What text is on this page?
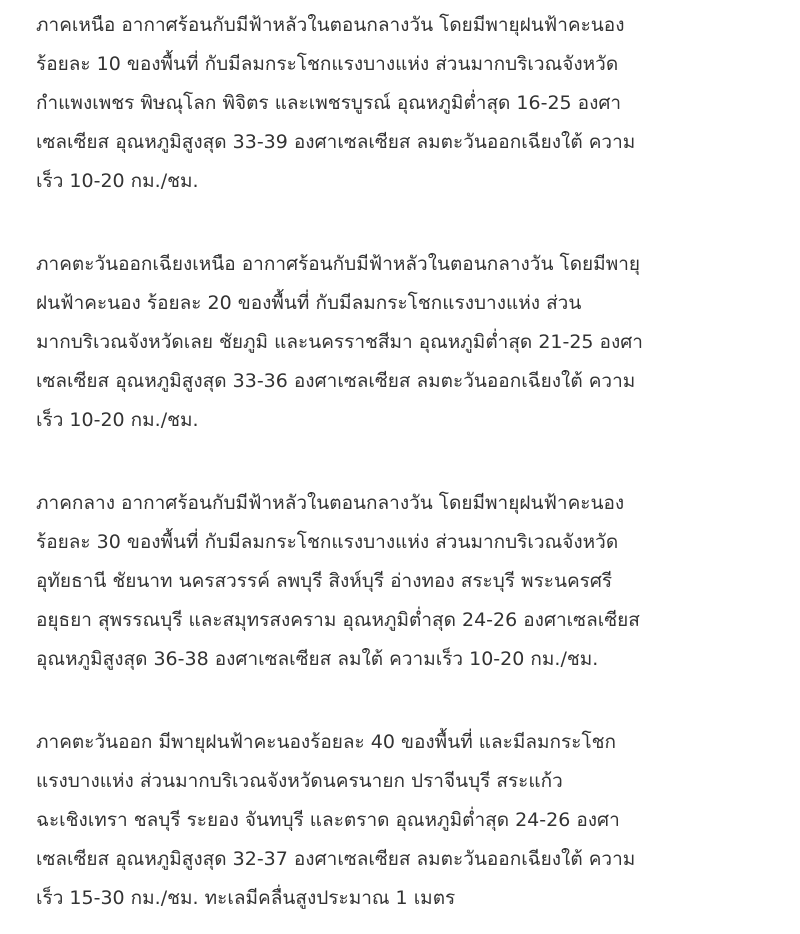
ภาคเหนือ อากาศร้อนกับมีฟ้าหลัวในตอนกลางวัน โดยมีพายุฝนฟ้าคะนอง
ร้อยละ 10 ของพื้นที่ กับมีลมกระโชกแรงบางแห่ง ส่วนมากบริเวณจังหวัด
กำแพงเพชร พิษณุโลก พิจิตร และเพชรบูรณ์ อุณหภูมิต่ำสุด 16-25 องศา
เซลเซียส อุณหภูมิสูงสุด 33-39 องศาเซลเซียส ลมตะวันออกเฉียงใต้ ความ
เร็ว 10-20 กม./ชม.

ภาคตะวันออกเฉียงเหนือ อากาศร้อนกับมีฟ้าหลัวในตอนกลางวัน โดยมีพายุ
ฝนฟ้าคะนอง ร้อยละ 20 ของพื้นที่ กับมีลมกระโชกแรงบางแห่ง ส่วน
มากบริเวณจังหวัดเลย ชัยภูมิ และนครราชสีมา อุณหภูมิต่ำสุด 21-25 องศา
เซลเซียส อุณหภูมิสูงสุด 33-36 องศาเซลเซียส ลมตะวันออกเฉียงใต้ ความ
เร็ว 10-20 กม./ชม.

ภาคกลาง อากาศร้อนกับมีฟ้าหลัวในตอนกลางวัน โดยมีพายุฝนฟ้าคะนอง
ร้อยละ 30 ของพื้นที่ กับมีลมกระโชกแรงบางแห่ง ส่วนมากบริเวณจังหวัด
อุทัยธานี ชัยนาท นครสวรรค์ ลพบุรี สิงห์บุรี อ่างทอง สระบุรี พระนครศรี
อยุธยา สุพรรณบุรี และสมุทรสงคราม อุณหภูมิต่ำสุด 24-26 องศาเซลเซียส
อุณหภูมิสูงสุด 36-38 องศาเซลเซียส ลมใต้ ความเร็ว 10-20 กม./ชม.

ภาคตะวันออก มีพายุฝนฟ้าคะนองร้อยละ 40 ของพื้นที่ และมีลมกระโชก
แรงบางแห่ง ส่วนมากบริเวณจังหวัดนครนายก ปราจีนบุรี สระแก้ว
ฉะเชิงเทรา ชลบุรี ระยอง จันทบุรี และตราด อุณหภูมิต่ำสุด 24-26 องศา
เซลเซียส อุณหภูมิสูงสุด 32-37 องศาเซลเซียส ลมตะวันออกเฉียงใต้ ความ
เร็ว 15-30 กม./ชม. ทะเลมีคลื่นสูงประมาณ 1 เมตร
